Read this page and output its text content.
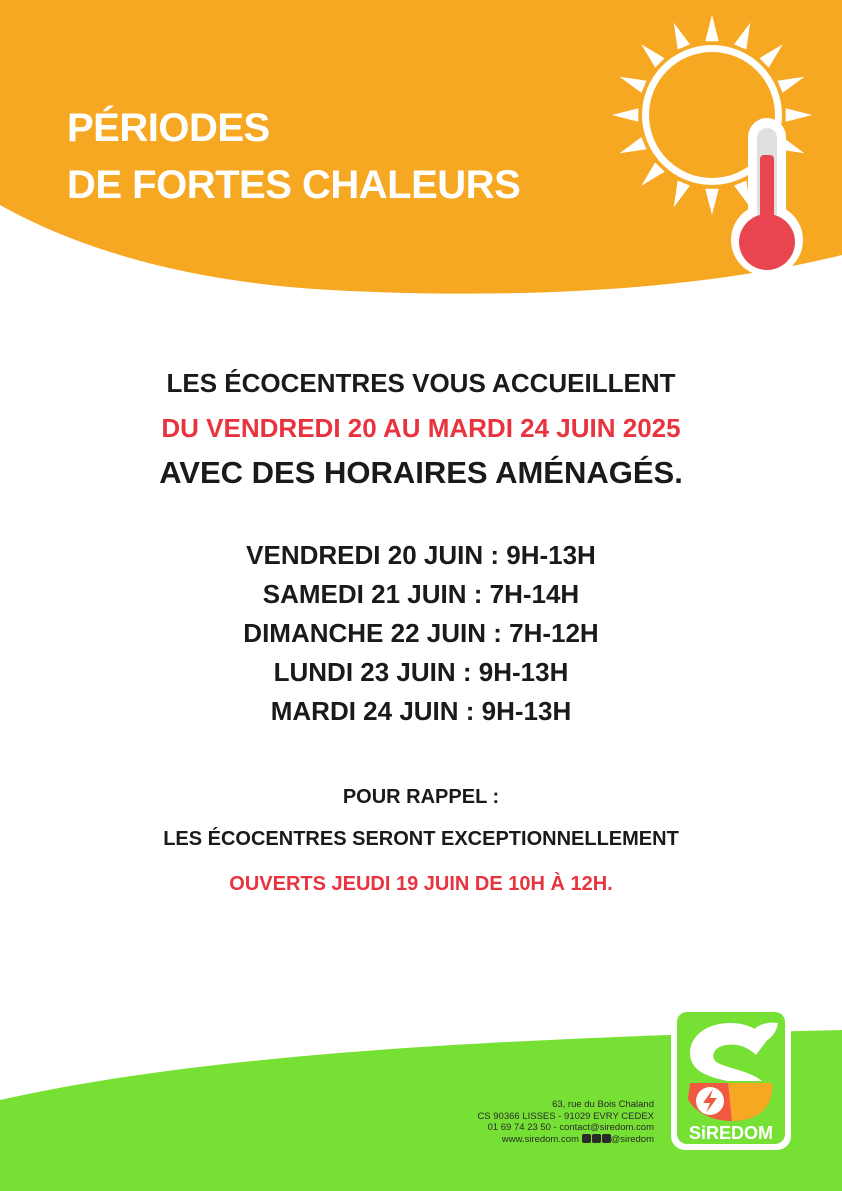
PÉRIODES
DE FORTES CHALEURS
LES ÉCOCENTRES VOUS ACCUEILLENT
DU VENDREDI 20 AU MARDI 24 JUIN 2025
AVEC DES HORAIRES AMÉNAGÉS.
VENDREDI 20 JUIN : 9H-13H
SAMEDI 21 JUIN : 7H-14H
DIMANCHE 22 JUIN : 7H-12H
LUNDI 23 JUIN : 9H-13H
MARDI 24 JUIN : 9H-13H
POUR RAPPEL :
LES ÉCOCENTRES SERONT EXCEPTIONNELLEMENT
OUVERTS JEUDI 19 JUIN DE 10H À 12H.
63, rue du Bois Chaland
CS 90366 LISSES - 91029 EVRY CEDEX
01 69 74 23 50 - contact@siredom.com
www.siredom.com	@siredom SiREDOM
